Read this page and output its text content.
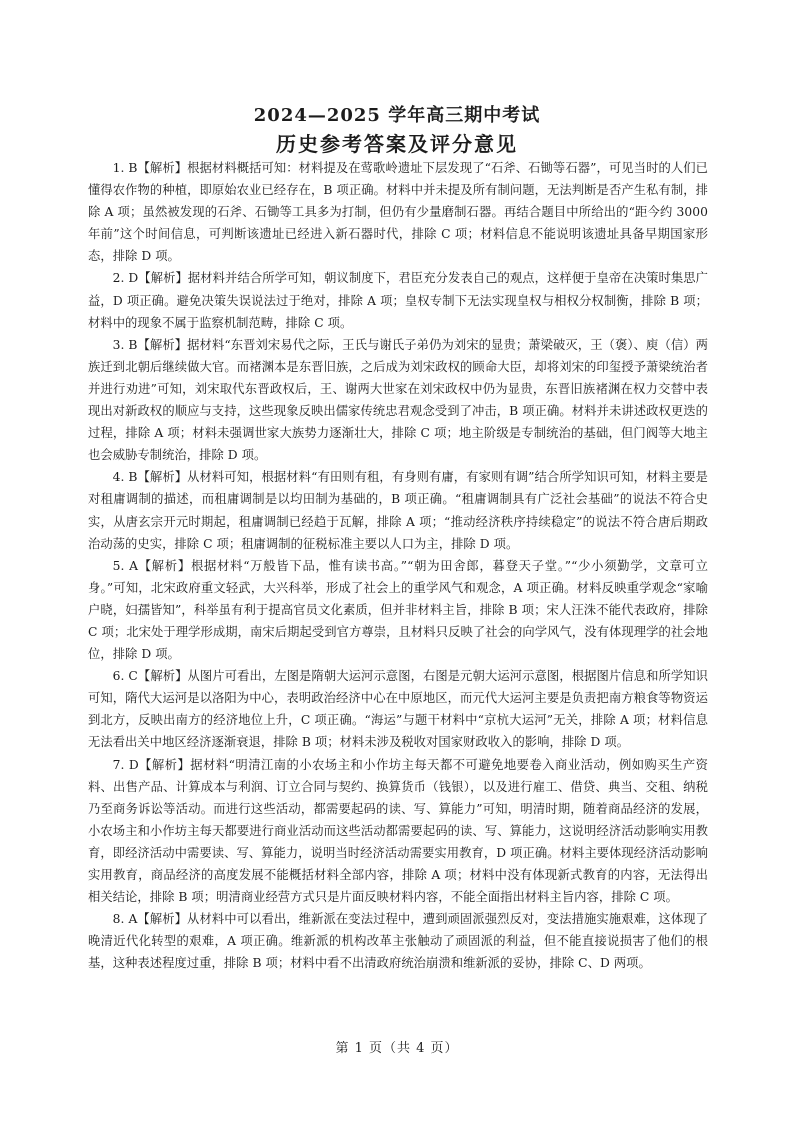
2024—2025 学年高三期中考试
历史参考答案及评分意见

1. B【解析】根据材料概括可知：材料提及在莺歌岭遗址下层发现了“石斧、石锄等石器”，可见当时的人们已懂得农作物的种植，即原始农业已经存在，B 项正确。材料中并未提及所有制问题，无法判断是否产生私有制，排除 A 项；虽然被发现的石斧、石锄等工具多为打制，但仍有少量磨制石器。再结合题目中所给出的“距今约 3000 年前”这个时间信息，可判断该遗址已经进入新石器时代，排除 C 项；材料信息不能说明该遗址具备早期国家形态，排除 D 项。

2. D【解析】据材料并结合所学可知，朝议制度下，君臣充分发表自己的观点，这样便于皇帝在决策时集思广益，D 项正确。避免决策失误说法过于绝对，排除 A 项；皇权专制下无法实现皇权与相权分权制衡，排除 B 项；材料中的现象不属于监察机制范畴，排除 C 项。

3. B【解析】据材料“东晋刘宋易代之际，王氏与谢氏子弟仍为刘宋的显贵；萧梁破灭，王（褒）、庾（信）两族迁到北朝后继续做大官。而褚渊本是东晋旧族，之后成为刘宋政权的顾命大臣，却将刘宋的印玺授予萧梁统治者并进行劝进”可知，刘宋取代东晋政权后，王、谢两大世家在刘宋政权中仍为显贵，东晋旧族褚渊在权力交替中表现出对新政权的顺应与支持，这些现象反映出儒家传统忠君观念受到了冲击，B 项正确。材料并未讲述政权更迭的过程，排除 A 项；材料未强调世家大族势力逐渐壮大，排除 C 项；地主阶级是专制统治的基础，但门阀等大地主也会威胁专制统治，排除 D 项。

4. B【解析】从材料可知，根据材料“有田则有租，有身则有庸，有家则有调”结合所学知识可知，材料主要是对租庸调制的描述，而租庸调制是以均田制为基础的，B 项正确。“租庸调制具有广泛社会基础”的说法不符合史实，从唐玄宗开元时期起，租庸调制已经趋于瓦解，排除 A 项；“推动经济秩序持续稳定”的说法不符合唐后期政治动荡的史实，排除 C 项；租庸调制的征税标准主要以人口为主，排除 D 项。

5. A【解析】根据材料“万般皆下品，惟有读书高。”“朝为田舍郎，暮登天子堂。”“少小须勤学，文章可立身。”可知，北宋政府重文轻武，大兴科举，形成了社会上的重学风气和观念，A 项正确。材料反映重学观念“家喻户晓，妇孺皆知”，科举虽有利于提高官员文化素质，但并非材料主旨，排除 B 项；宋人汪洙不能代表政府，排除 C 项；北宋处于理学形成期，南宋后期起受到官方尊崇，且材料只反映了社会的向学风气，没有体现理学的社会地位，排除 D 项。

6. C【解析】从图片可看出，左图是隋朝大运河示意图，右图是元朝大运河示意图，根据图片信息和所学知识可知，隋代大运河是以洛阳为中心，表明政治经济中心在中原地区，而元代大运河主要是负责把南方粮食等物资运到北方，反映出南方的经济地位上升，C 项正确。“海运”与题干材料中“京杭大运河”无关，排除 A 项；材料信息无法看出关中地区经济逐渐衰退，排除 B 项；材料未涉及税收对国家财政收入的影响，排除 D 项。

7. D【解析】据材料“明清江南的小农场主和小作坊主每天都不可避免地要卷入商业活动，例如购买生产资料、出售产品、计算成本与利润、订立合同与契约、换算货币（钱银），以及进行雇工、借贷、典当、交租、纳税乃至商务诉讼等活动。而进行这些活动，都需要起码的读、写、算能力”可知，明清时期，随着商品经济的发展，小农场主和小作坊主每天都要进行商业活动而这些活动都需要起码的读、写、算能力，这说明经济活动影响实用教育，即经济活动中需要读、写、算能力，说明当时经济活动需要实用教育，D 项正确。材料主要体现经济活动影响实用教育，商品经济的高度发展不能概括材料全部内容，排除 A 项；材料中没有体现新式教育的内容，无法得出相关结论，排除 B 项；明清商业经营方式只是片面反映材料内容，不能全面指出材料主旨内容，排除 C 项。

8. A【解析】从材料中可以看出，维新派在变法过程中，遭到顽固派强烈反对，变法措施实施艰难，这体现了晚清近代化转型的艰难，A 项正确。维新派的机构改革主张触动了顽固派的利益，但不能直接说损害了他们的根基，这种表述程度过重，排除 B 项；材料中看不出清政府统治崩溃和维新派的妥协，排除 C、D 两项。

第 1 页（共 4 页）
